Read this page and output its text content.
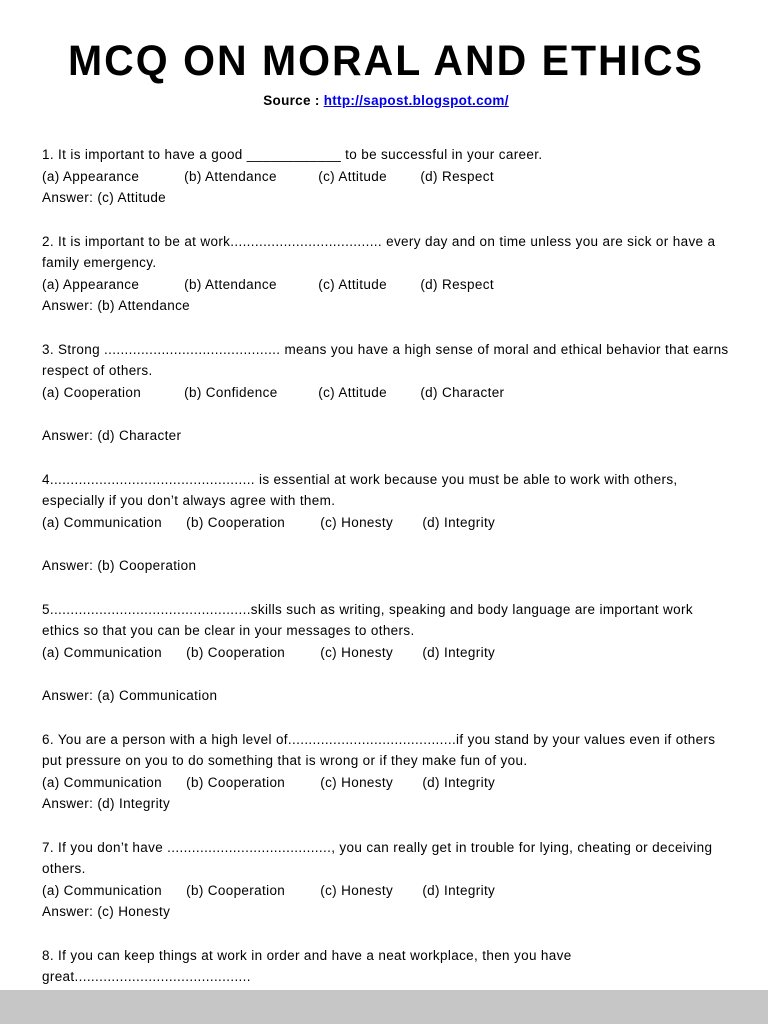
MCQ ON MORAL AND ETHICS
Source : http://sapost.blogspot.com/

1. It is important to have a good ____________ to be successful in your career.

(a) Appearance	(b) Attendance	(c) Attitude (d) Respect

Answer: (c) Attitude

2. It is important to be at work..................................... every day and on time unless you are sick or have a family emergency.

(a) Appearance	(b) Attendance	(c) Attitude (d) Respect

Answer: (b) Attendance

3. Strong ........................................... means you have a high sense of moral and ethical behavior that earns respect of others.

(a) Cooperation	(b) Confidence	(c) Attitude (d) Character

Answer: (d) Character

4.................................................. is essential at work because you must be able to work with others, especially if you don’t always agree with them.

(a) Communication (b) Cooperation	(c) Honesty (d) Integrity

Answer: (b) Cooperation

5.................................................skills such as writing, speaking and body language are important work ethics so that you can be clear in your messages to others.

(a) Communication (b) Cooperation	(c) Honesty (d) Integrity

Answer: (a) Communication

6. You are a person with a high level of.........................................if you stand by your values even if others put pressure on you to do something that is wrong or if they make fun of you.

(a) Communication (b) Cooperation	(c) Honesty (d) Integrity

Answer: (d) Integrity

7. If you don’t have ........................................, you can really get in trouble for lying, cheating or deceiving others.

(a) Communication (b) Cooperation	(c) Honesty (d) Integrity

Answer: (c) Honesty

8. If you can keep things at work in order and have a neat workplace, then you have great...........................................
